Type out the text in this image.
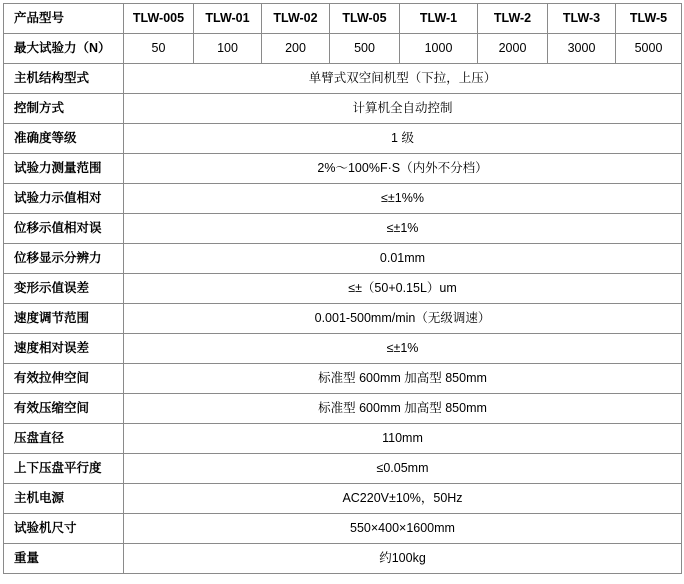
产品型号	TLW-005	TLW-01	TLW-02	TLW-05	TLW-1	TLW-2	TLW-3	TLW-5
最大试验力（N）	50	100	200	500	1000	2000	3000	5000
主机结构型式	单臂式双空间机型（下拉，上压）							
控制方式	计算机全自动控制							
准确度等级	1 级							
试验力测量范围	2%～100%F·S（内外不分档）							
试验力示值相对	≤±1%%							
位移示值相对误	≤±1%							
位移显示分辨力	0.01mm							
变形示值误差	≤±（50+0.15L）um							
速度调节范围	0.001-500mm/min（无级调速）							
速度相对误差	≤±1%							
有效拉伸空间	标准型 600mm 加高型 850mm							
有效压缩空间	标准型 600mm 加高型 850mm							
压盘直径	110mm							
上下压盘平行度	≤0.05mm							
主机电源	AC220V±10%，50Hz							
试验机尺寸	550×400×1600mm							
重量	约100kg							
